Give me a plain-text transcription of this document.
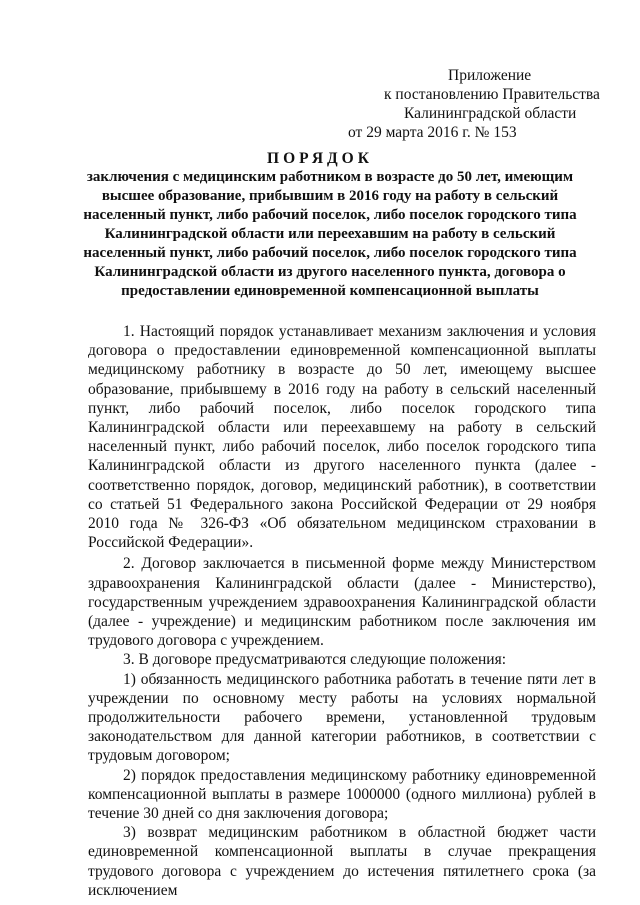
Приложение
к постановлению Правительства
Калининградской области
от 29 марта 2016 г. № 153
ПОРЯДОК
заключения с медицинским работником в возрасте до 50 лет, имеющим высшее образование, прибывшим в 2016 году на работу в сельский населенный пункт, либо рабочий поселок, либо поселок городского типа Калининградской области или переехавшим на работу в сельский населенный пункт, либо рабочий поселок, либо поселок городского типа Калининградской области из другого населенного пункта, договора о предоставлении единовременной компенсационной выплаты

1. Настоящий порядок устанавливает механизм заключения и условия договора о предоставлении единовременной компенсационной выплаты медицинскому работнику в возрасте до 50 лет, имеющему высшее образование, прибывшему в 2016 году на работу в сельский населенный пункт, либо рабочий поселок, либо поселок городского типа Калининградской области или переехавшему на работу в сельский населенный пункт, либо рабочий поселок, либо поселок городского типа Калининградской области из другого населенного пункта (далее - соответственно порядок, договор, медицинский работник), в соответствии со статьей 51 Федерального закона Российской Федерации от 29 ноября 2010 года № 326-ФЗ «Об обязательном медицинском страховании в Российской Федерации».

2. Договор заключается в письменной форме между Министерством здравоохранения Калининградской области (далее - Министерство), государственным учреждением здравоохранения Калининградской области (далее - учреждение) и медицинским работником после заключения им трудового договора с учреждением.

3. В договоре предусматриваются следующие положения:

1) обязанность медицинского работника работать в течение пяти лет в учреждении по основному месту работы на условиях нормальной продолжительности рабочего времени, установленной трудовым законодательством для данной категории работников, в соответствии с трудовым договором;

2) порядок предоставления медицинскому работнику единовременной компенсационной выплаты в размере 1000000 (одного миллиона) рублей в течение 30 дней со дня заключения договора;

3) возврат медицинским работником в областной бюджет части единовременной компенсационной выплаты в случае прекращения трудового договора с учреждением до истечения пятилетнего срока (за исключением
